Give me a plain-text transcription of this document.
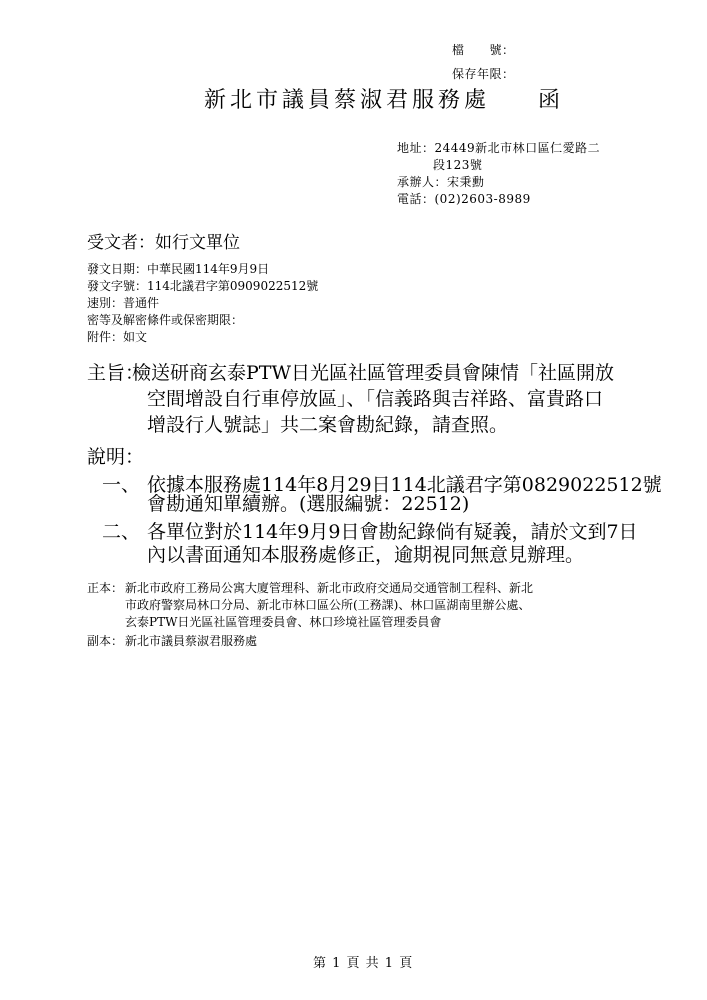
檔　　號：
保存年限：
新北市議員蔡淑君服務處 函
地址：24449新北市林口區仁愛路二
段123號
承辦人：宋秉勳
電話：(02)2603-8989
受文者：如行文單位
發文日期：中華民國114年9月9日
發文字號：114北議君字第0909022512號
速別：普通件
密等及解密條件或保密期限：
附件：如文
主旨：
檢送研商玄泰PTW日光區社區管理委員會陳情「社區開放
空間增設自行車停放區」、「信義路與吉祥路、富貴路口
增設行人號誌」共二案會勘紀錄，請查照。
說明：
一、 依據本服務處114年8月29日114北議君字第0829022512號
會勘通知單續辦。(選服編號：22512)
二、 各單位對於114年9月9日會勘紀錄倘有疑義，請於文到7日
內以書面通知本服務處修正，逾期視同無意見辦理。
正本： 新北市政府工務局公寓大廈管理科、新北市政府交通局交通管制工程科、新北
市政府警察局林口分局、新北市林口區公所(工務課)、林口區湖南里辦公處、
玄泰PTW日光區社區管理委員會、林口珍境社區管理委員會
副本： 新北市議員蔡淑君服務處
第 1 頁 共 1 頁
